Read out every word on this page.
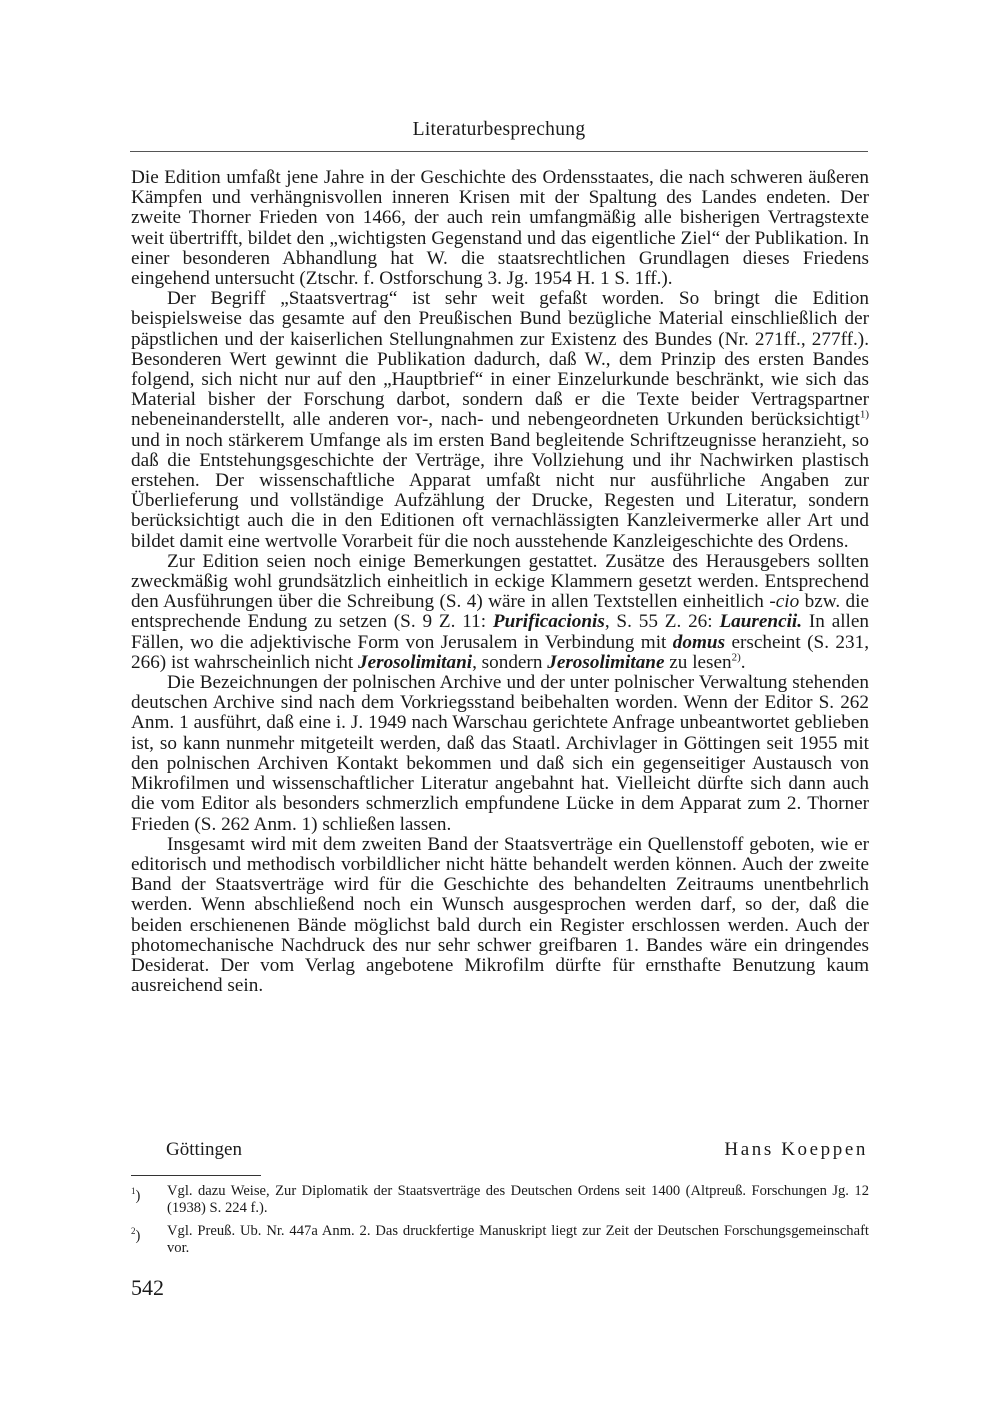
Literaturbesprechung

Die Edition umfaßt jene Jahre in der Geschichte des Ordensstaates, die nach schweren äußeren Kämpfen und verhängnisvollen inneren Krisen mit der Spaltung des Landes endeten. Der zweite Thorner Frieden von 1466, der auch rein umfangmäßig alle bisherigen Vertragstexte weit übertrifft, bildet den „wichtigsten Gegenstand und das eigentliche Ziel“ der Publikation. In einer besonderen Abhandlung hat W. die staatsrechtlichen Grundlagen dieses Friedens eingehend untersucht (Ztschr. f. Ostforschung 3. Jg. 1954 H. 1 S. 1ff.).

Der Begriff „Staatsvertrag“ ist sehr weit gefaßt worden. So bringt die Edition beispielsweise das gesamte auf den Preußischen Bund bezügliche Material einschließlich der päpstlichen und der kaiserlichen Stellungnahmen zur Existenz des Bundes (Nr. 271ff., 277ff.). Besonderen Wert gewinnt die Publikation dadurch, daß W., dem Prinzip des ersten Bandes folgend, sich nicht nur auf den „Hauptbrief“ in einer Einzelurkunde beschränkt, wie sich das Material bisher der Forschung darbot, sondern daß er die Texte beider Vertragspartner nebeneinanderstellt, alle anderen vor-, nach- und nebengeordneten Urkunden berücksichtigt$^{1)}$ und in noch stärkerem Umfange als im ersten Band begleitende Schriftzeugnisse heranzieht, so daß die Entstehungsgeschichte der Verträge, ihre Vollziehung und ihr Nachwirken plastisch erstehen. Der wissenschaftliche Apparat umfaßt nicht nur ausführliche Angaben zur Überlieferung und vollständige Aufzählung der Drucke, Regesten und Literatur, sondern berücksichtigt auch die in den Editionen oft vernachlässigten Kanzleivermerke aller Art und bildet damit eine wertvolle Vorarbeit für die noch ausstehende Kanzleigeschichte des Ordens.

Zur Edition seien noch einige Bemerkungen gestattet. Zusätze des Herausgebers sollten zweckmäßig wohl grundsätzlich einheitlich in eckige Klammern gesetzt werden. Entsprechend den Ausführungen über die Schreibung (S. 4) wäre in allen Textstellen einheitlich -cio bzw. die entsprechende Endung zu setzen (S. 9 Z. 11: Purificacionis, S. 55 Z. 26: Laurencii. In allen Fällen, wo die adjektivische Form von Jerusalem in Verbindung mit domus erscheint (S. 231, 266) ist wahrscheinlich nicht Jerosolimitani, sondern Jerosolimitane zu lesen$^{2)}$.

Die Bezeichnungen der polnischen Archive und der unter polnischer Verwaltung stehenden deutschen Archive sind nach dem Vorkriegsstand beibehalten worden. Wenn der Editor S. 262 Anm. 1 ausführt, daß eine i. J. 1949 nach Warschau gerichtete Anfrage unbeantwortet geblieben ist, so kann nunmehr mitgeteilt werden, daß das Staatl. Archivlager in Göttingen seit 1955 mit den polnischen Archiven Kontakt bekommen und daß sich ein gegenseitiger Austausch von Mikrofilmen und wissenschaftlicher Literatur angebahnt hat. Vielleicht dürfte sich dann auch die vom Editor als besonders schmerzlich empfundene Lücke in dem Apparat zum 2. Thorner Frieden (S. 262 Anm. 1) schließen lassen.

Insgesamt wird mit dem zweiten Band der Staatsverträge ein Quellenstoff geboten, wie er editorisch und methodisch vorbildlicher nicht hätte behandelt werden können. Auch der zweite Band der Staatsverträge wird für die Geschichte des behandelten Zeitraums unentbehrlich werden. Wenn abschließend noch ein Wunsch ausgesprochen werden darf, so der, daß die beiden erschienenen Bände möglichst bald durch ein Register erschlossen werden. Auch der photomechanische Nachdruck des nur sehr schwer greifbaren 1. Bandes wäre ein dringendes Desiderat. Der vom Verlag angebotene Mikrofilm dürfte für ernsthafte Benutzung kaum ausreichend sein.

Göttingen	Hans Koeppen
$^1$)	Vgl. dazu Weise, Zur Diplomatik der Staatsverträge des Deutschen Ordens seit 1400 (Altpreuß. Forschungen Jg. 12 (1938) S. 224 f.).
$^2$)	Vgl. Preuß. Ub. Nr. 447a Anm. 2. Das druckfertige Manuskript liegt zur Zeit der Deutschen Forschungsgemeinschaft vor.
542
